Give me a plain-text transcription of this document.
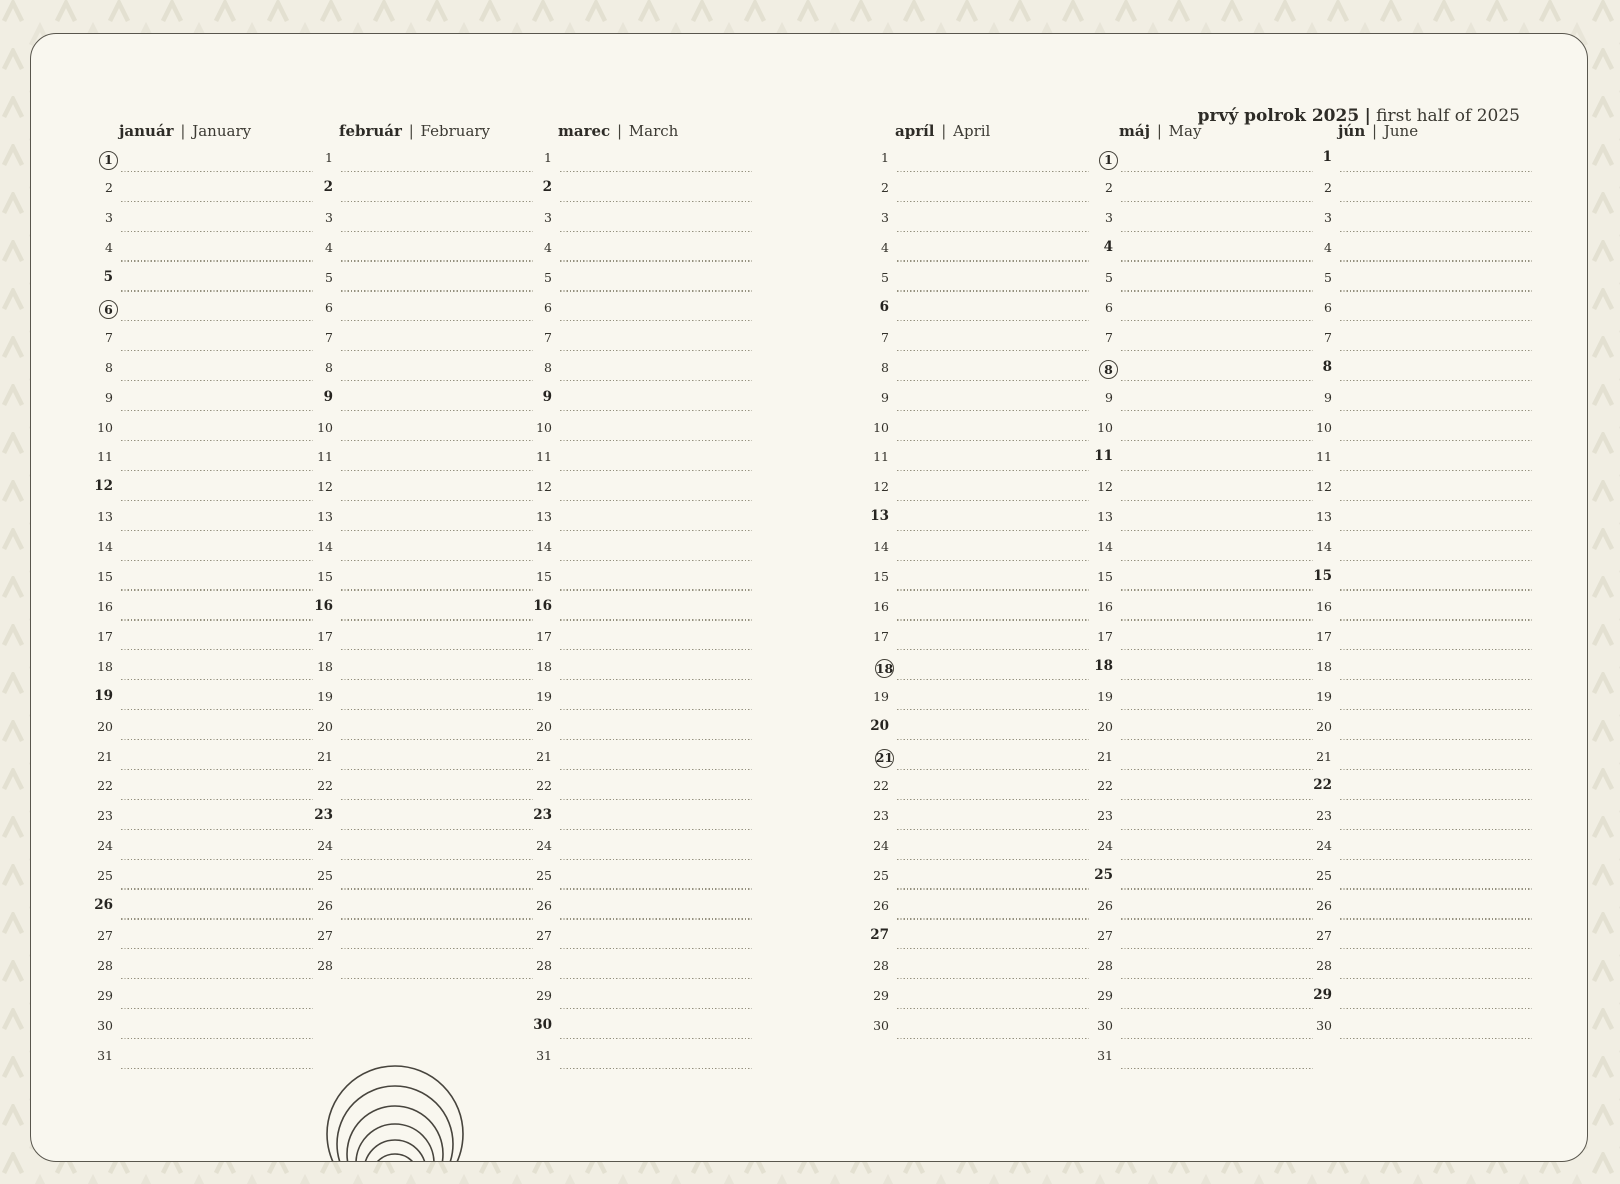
prvý polrok 2025 | first half of 2025
január | January
1
2
3
4
5
6
7
8
9
10
11
12
13
14
15
16
17
18
19
20
21
22
23
24
25
26
27
28
29
30
31
február | February
1
2
3
4
5
6
7
8
9
10
11
12
13
14
15
16
17
18
19
20
21
22
23
24
25
26
27
28
marec | March
1
2
3
4
5
6
7
8
9
10
11
12
13
14
15
16
17
18
19
20
21
22
23
24
25
26
27
28
29
30
31
apríl | April
1
2
3
4
5
6
7
8
9
10
11
12
13
14
15
16
17
18
19
20
21
22
23
24
25
26
27
28
29
30
máj | May
1
2
3
4
5
6
7
8
9
10
11
12
13
14
15
16
17
18
19
20
21
22
23
24
25
26
27
28
29
30
31
jún | June
1
2
3
4
5
6
7
8
9
10
11
12
13
14
15
16
17
18
19
20
21
22
23
24
25
26
27
28
29
30
